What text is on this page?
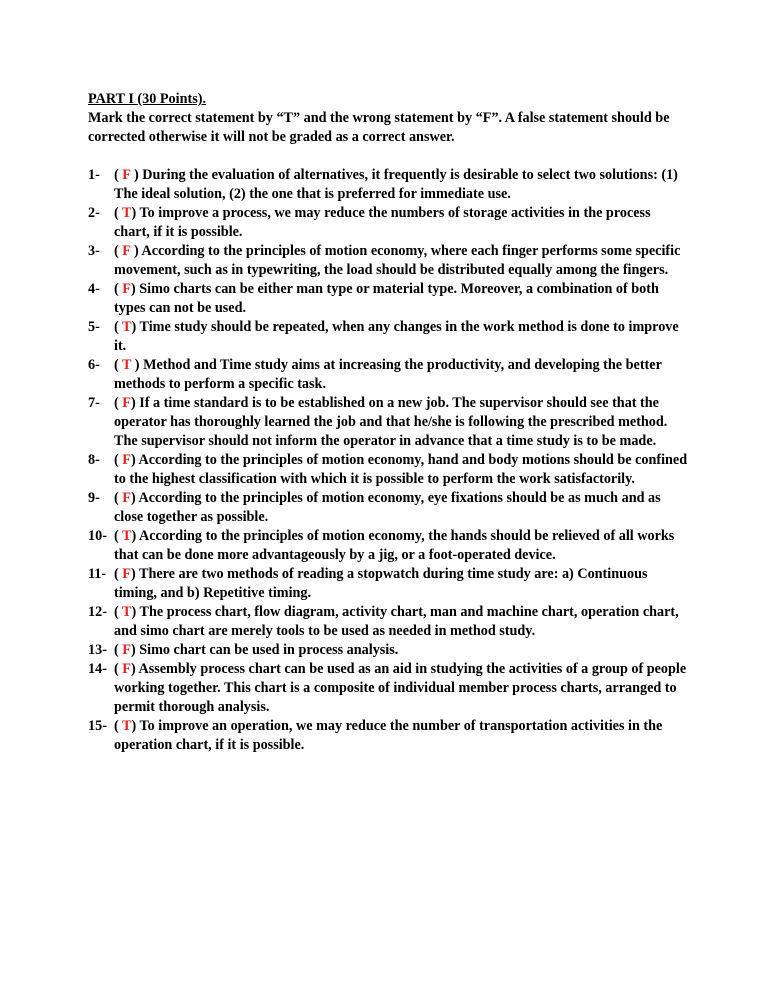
PART I (30 Points).

Mark the correct statement by “T” and the wrong statement by “F”. A false statement should be corrected otherwise it will not be graded as a correct answer.

1- ( F ) During the evaluation of alternatives, it frequently is desirable to select two solutions: (1) The ideal solution, (2) the one that is preferred for immediate use.
2- ( T) To improve a process, we may reduce the numbers of storage activities in the process chart, if it is possible.
3- ( F ) According to the principles of motion economy, where each finger performs some specific movement, such as in typewriting, the load should be distributed equally among the fingers.
4- ( F) Simo charts can be either man type or material type. Moreover, a combination of both types can not be used.
5- ( T) Time study should be repeated, when any changes in the work method is done to improve it.
6- ( T ) Method and Time study aims at increasing the productivity, and developing the better methods to perform a specific task.
7- ( F) If a time standard is to be established on a new job. The supervisor should see that the operator has thoroughly learned the job and that he/she is following the prescribed method. The supervisor should not inform the operator in advance that a time study is to be made.
8- ( F) According to the principles of motion economy, hand and body motions should be confined to the highest classification with which it is possible to perform the work satisfactorily.
9- ( F) According to the principles of motion economy, eye fixations should be as much and as close together as possible.
10- ( T) According to the principles of motion economy, the hands should be relieved of all works that can be done more advantageously by a jig, or a foot-operated device.
11- ( F) There are two methods of reading a stopwatch during time study are: a) Continuous timing, and b) Repetitive timing.
12- ( T) The process chart, flow diagram, activity chart, man and machine chart, operation chart, and simo chart are merely tools to be used as needed in method study.
13- ( F) Simo chart can be used in process analysis.
14- ( F) Assembly process chart can be used as an aid in studying the activities of a group of people working together. This chart is a composite of individual member process charts, arranged to permit thorough analysis.
15- ( T) To improve an operation, we may reduce the number of transportation activities in the operation chart, if it is possible.
